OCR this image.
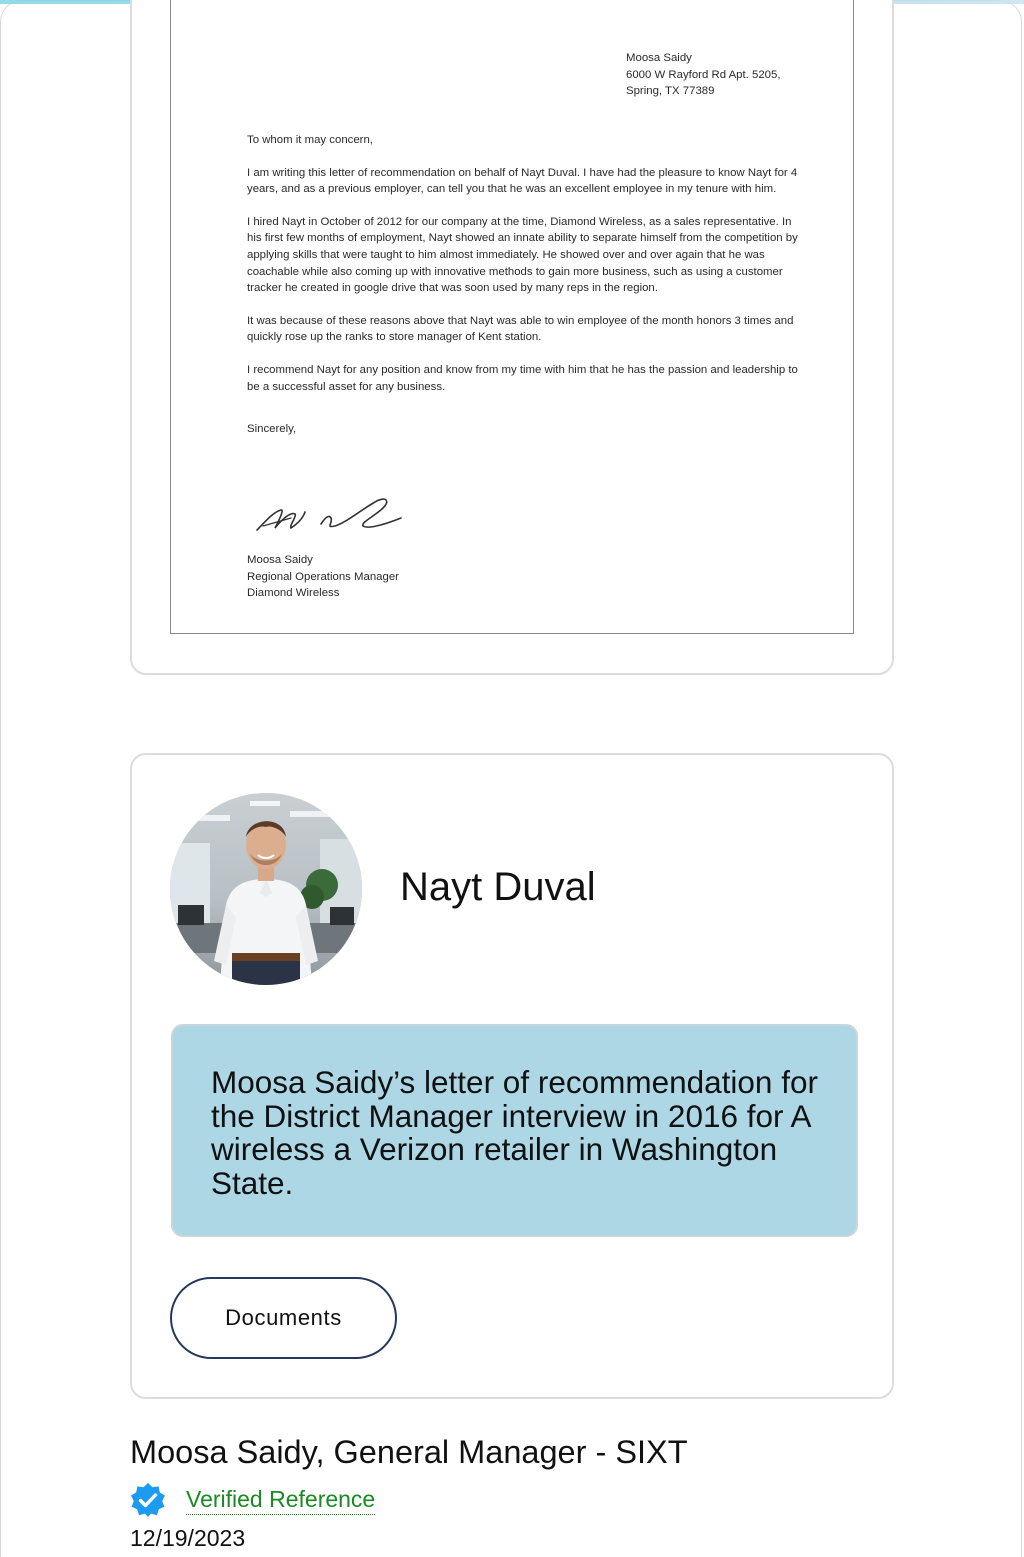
Moosa Saidy
6000 W Rayford Rd Apt. 5205,
Spring, TX 77389

To whom it may concern,

I am writing this letter of recommendation on behalf of Nayt Duval. I have had the pleasure to know Nayt for 4 years, and as a previous employer, can tell you that he was an excellent employee in my tenure with him.

I hired Nayt in October of 2012 for our company at the time, Diamond Wireless, as a sales representative. In his first few months of employment, Nayt showed an innate ability to separate himself from the competition by applying skills that were taught to him almost immediately. He showed over and over again that he was coachable while also coming up with innovative methods to gain more business, such as using a customer tracker he created in google drive that was soon used by many reps in the region.

It was because of these reasons above that Nayt was able to win employee of the month honors 3 times and quickly rose up the ranks to store manager of Kent station.

I recommend Nayt for any position and know from my time with him that he has the passion and leadership to be a successful asset for any business.

Sincerely,

Moosa Saidy
Regional Operations Manager
Diamond Wireless
Nayt Duval
Moosa Saidy’s letter of recommendation for the District Manager interview in 2016 for A wireless a Verizon retailer in Washington State.
Documents
Moosa Saidy, General Manager - SIXT
Verified Reference
12/19/2023
